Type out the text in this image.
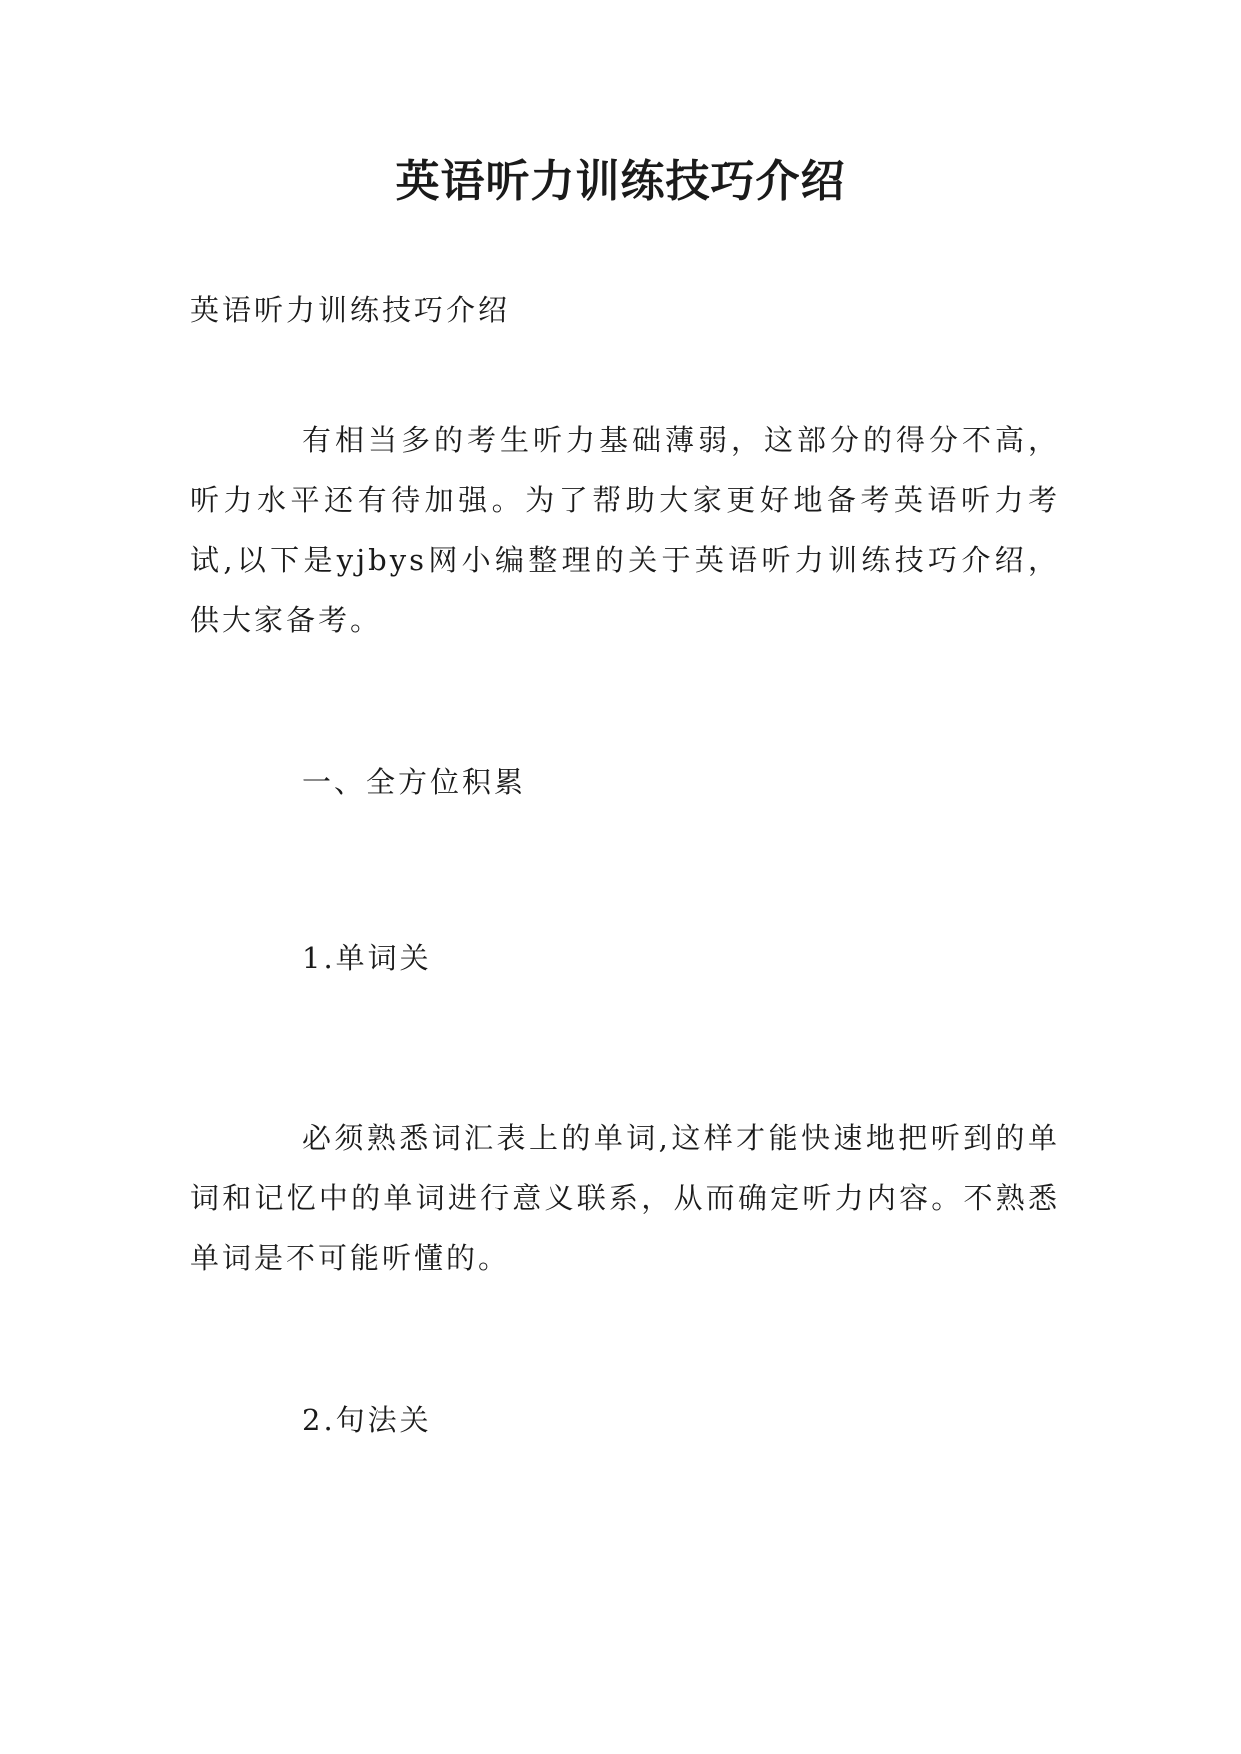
英语听力训练技巧介绍
英语听力训练技巧介绍

有相当多的考生听力基础薄弱，这部分的得分不高，听力水平还有待加强。为了帮助大家更好地备考英语听力考试,以下是yjbys网小编整理的关于英语听力训练技巧介绍，供大家备考。

一、全方位积累
1.单词关

必须熟悉词汇表上的单词,这样才能快速地把听到的单词和记忆中的单词进行意义联系，从而确定听力内容。不熟悉单词是不可能听懂的。

2.句法关
